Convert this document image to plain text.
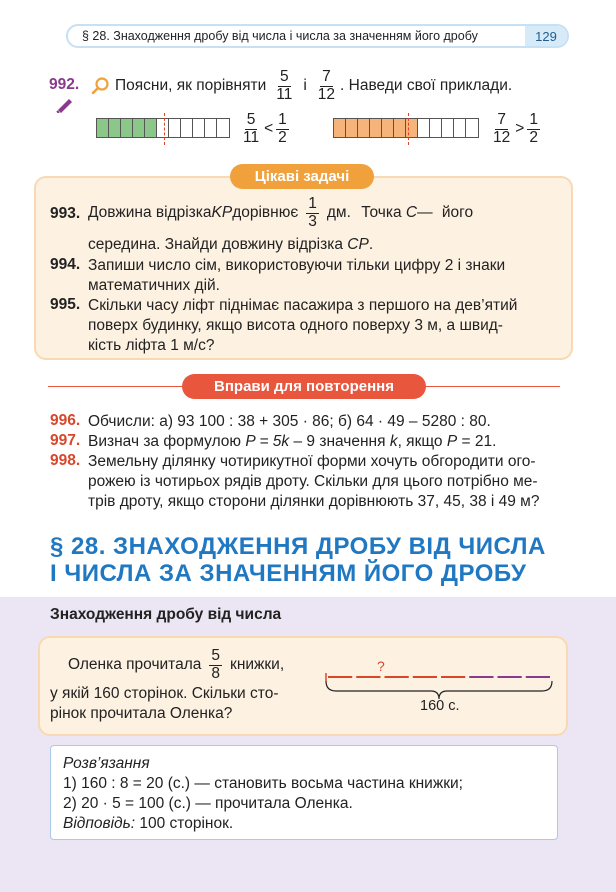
§ 28. Знаходження дробу від числа і числа за значенням його дробу	129
992. Поясни, як порівняти $\frac{5}{11}$ і $\frac{7}{12}$ . Наведи свої приклади.
$\frac{5}{11} < \frac{1}{2}$	$\frac{7}{12} > \frac{1}{2}$
Цікаві задачі
993. Довжина відрізка KP дорівнює $\frac{1}{3}$ дм. Точка
C — його
середина. Знайди довжину відрізка CP.
994. Запиши число сім, використовуючи тільки цифру 2 і знаки
математичних дій.
995. Скільки часу ліфт піднімає пасажира з першого на дев’ятий
поверх будинку, якщо висота одного поверху 3 м, а швид-
кість ліфта 1 м/с?
Вправи для повторення
996. Обчисли: а) 93 100 : 38 + 305 · 86; б) 64 · 49 – 5280 : 80.
997. Визнач за формулою P = 5k – 9 значення k, якщо P = 21.
998. Земельну ділянку чотирикутної форми хочуть обгородити ого-
рожею із чотирьох рядів дроту. Скільки для цього потрібно ме-
трів дроту, якщо сторони ділянки дорівнюють 37, 45, 38 і 49 м?
§ 28. ЗНАХОДЖЕННЯ ДРОБУ ВІД ЧИСЛА
І ЧИСЛА ЗА ЗНАЧЕННЯМ ЙОГО ДРОБУ
Знаходження дробу від числа
Оленка прочитала $\frac{5}{8}$ книжки,
у якій 160 сторінок. Скільки сто-
рінок прочитала Оленка?
?
160 с.
Розв’язання
1) 160 : 8 = 20 (с.) — становить восьма частина книжки;
2) 20 · 5 = 100 (с.) — прочитала Оленка.
Відповідь: 100 сторінок.
